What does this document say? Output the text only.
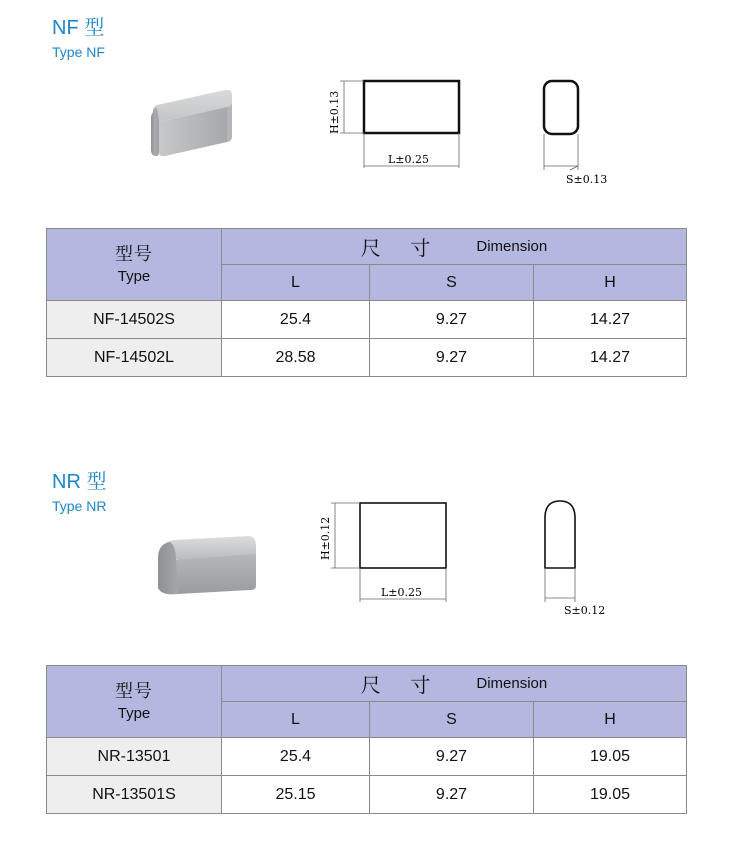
NF 型
Type NF
H±0.13
L±0.25
S±0.13
型号
Type	尺 寸 Dimension		

	L	S	H
NF-14502S	25.4	9.27	14.27
NF-14502L	28.58	9.27	14.27
NR 型
Type NR
H±0.12
L±0.25
S±0.12
型号
Type	尺 寸 Dimension		

	L	S	H
NR-13501	25.4	9.27	19.05
NR-13501S	25.15	9.27	19.05
